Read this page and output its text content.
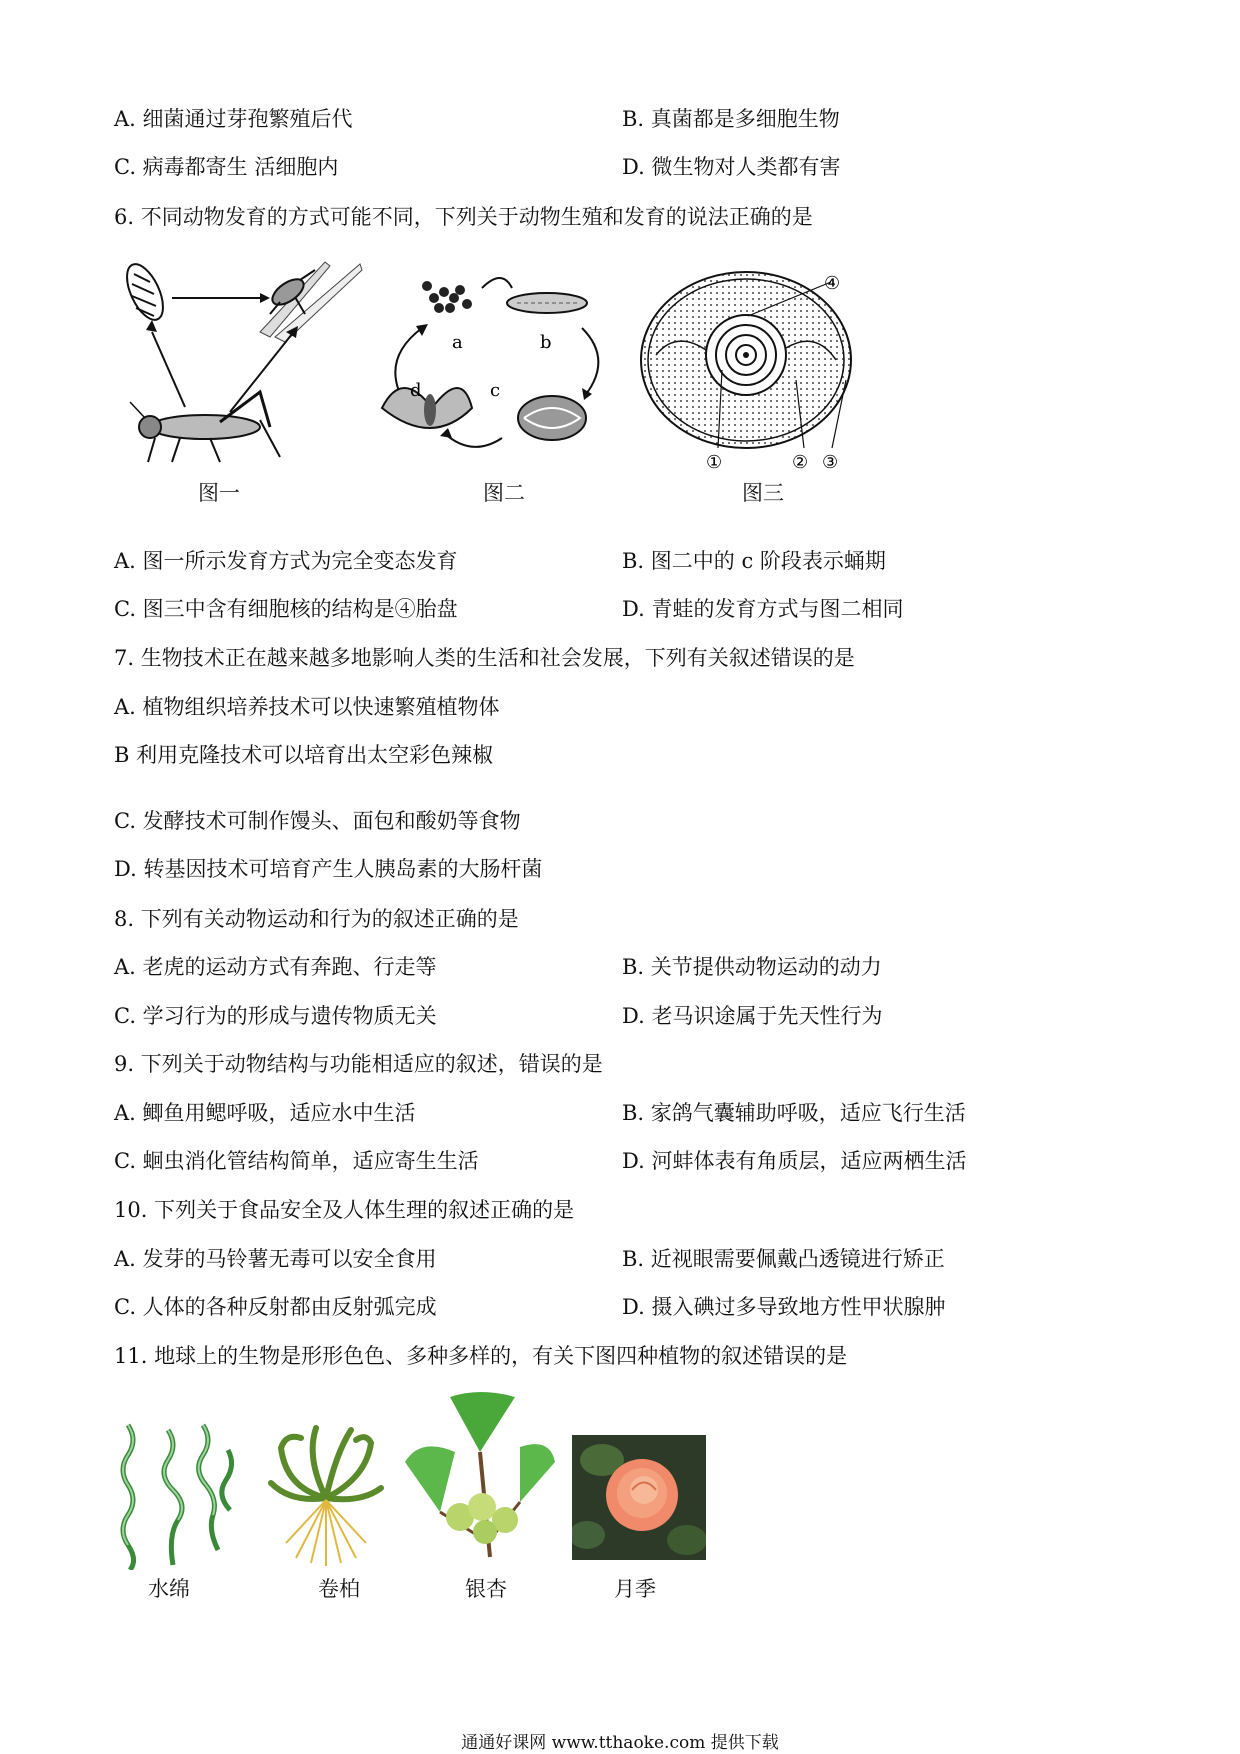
A. 细菌通过芽孢繁殖后代	B. 真菌都是多细胞生物
C. 病毒都寄生 活细胞内	D. 微生物对人类都有害
6. 不同动物发育的方式可能不同，下列关于动物生殖和发育的说法正确的是
图一
a	b
c
d
图二
④
①	② ③
图三
A. 图一所示发育方式为完全变态发育	B. 图二中的 c 阶段表示蛹期
C. 图三中含有细胞核的结构是④胎盘	D. 青蛙的发育方式与图二相同
7. 生物技术正在越来越多地影响人类的生活和社会发展，下列有关叙述错误的是
A. 植物组织培养技术可以快速繁殖植物体
B 利用克隆技术可以培育出太空彩色辣椒
C. 发酵技术可制作馒头、面包和酸奶等食物
D. 转基因技术可培育产生人胰岛素的大肠杆菌
8. 下列有关动物运动和行为的叙述正确的是
A. 老虎的运动方式有奔跑、行走等	B. 关节提供动物运动的动力
C. 学习行为的形成与遗传物质无关	D. 老马识途属于先天性行为
9. 下列关于动物结构与功能相适应的叙述，错误的是
A. 鲫鱼用鳃呼吸，适应水中生活	B. 家鸽气囊辅助呼吸，适应飞行生活
C. 蛔虫消化管结构简单，适应寄生生活	D. 河蚌体表有角质层，适应两栖生活
10. 下列关于食品安全及人体生理的叙述正确的是
A. 发芽的马铃薯无毒可以安全食用	B. 近视眼需要佩戴凸透镜进行矫正
C. 人体的各种反射都由反射弧完成	D. 摄入碘过多导致地方性甲状腺肿
11. 地球上的生物是形形色色、多种多样的，有关下图四种植物的叙述错误的是
水绵	卷柏	银杏	月季
通通好课网 www.tthaoke.com 提供下载
